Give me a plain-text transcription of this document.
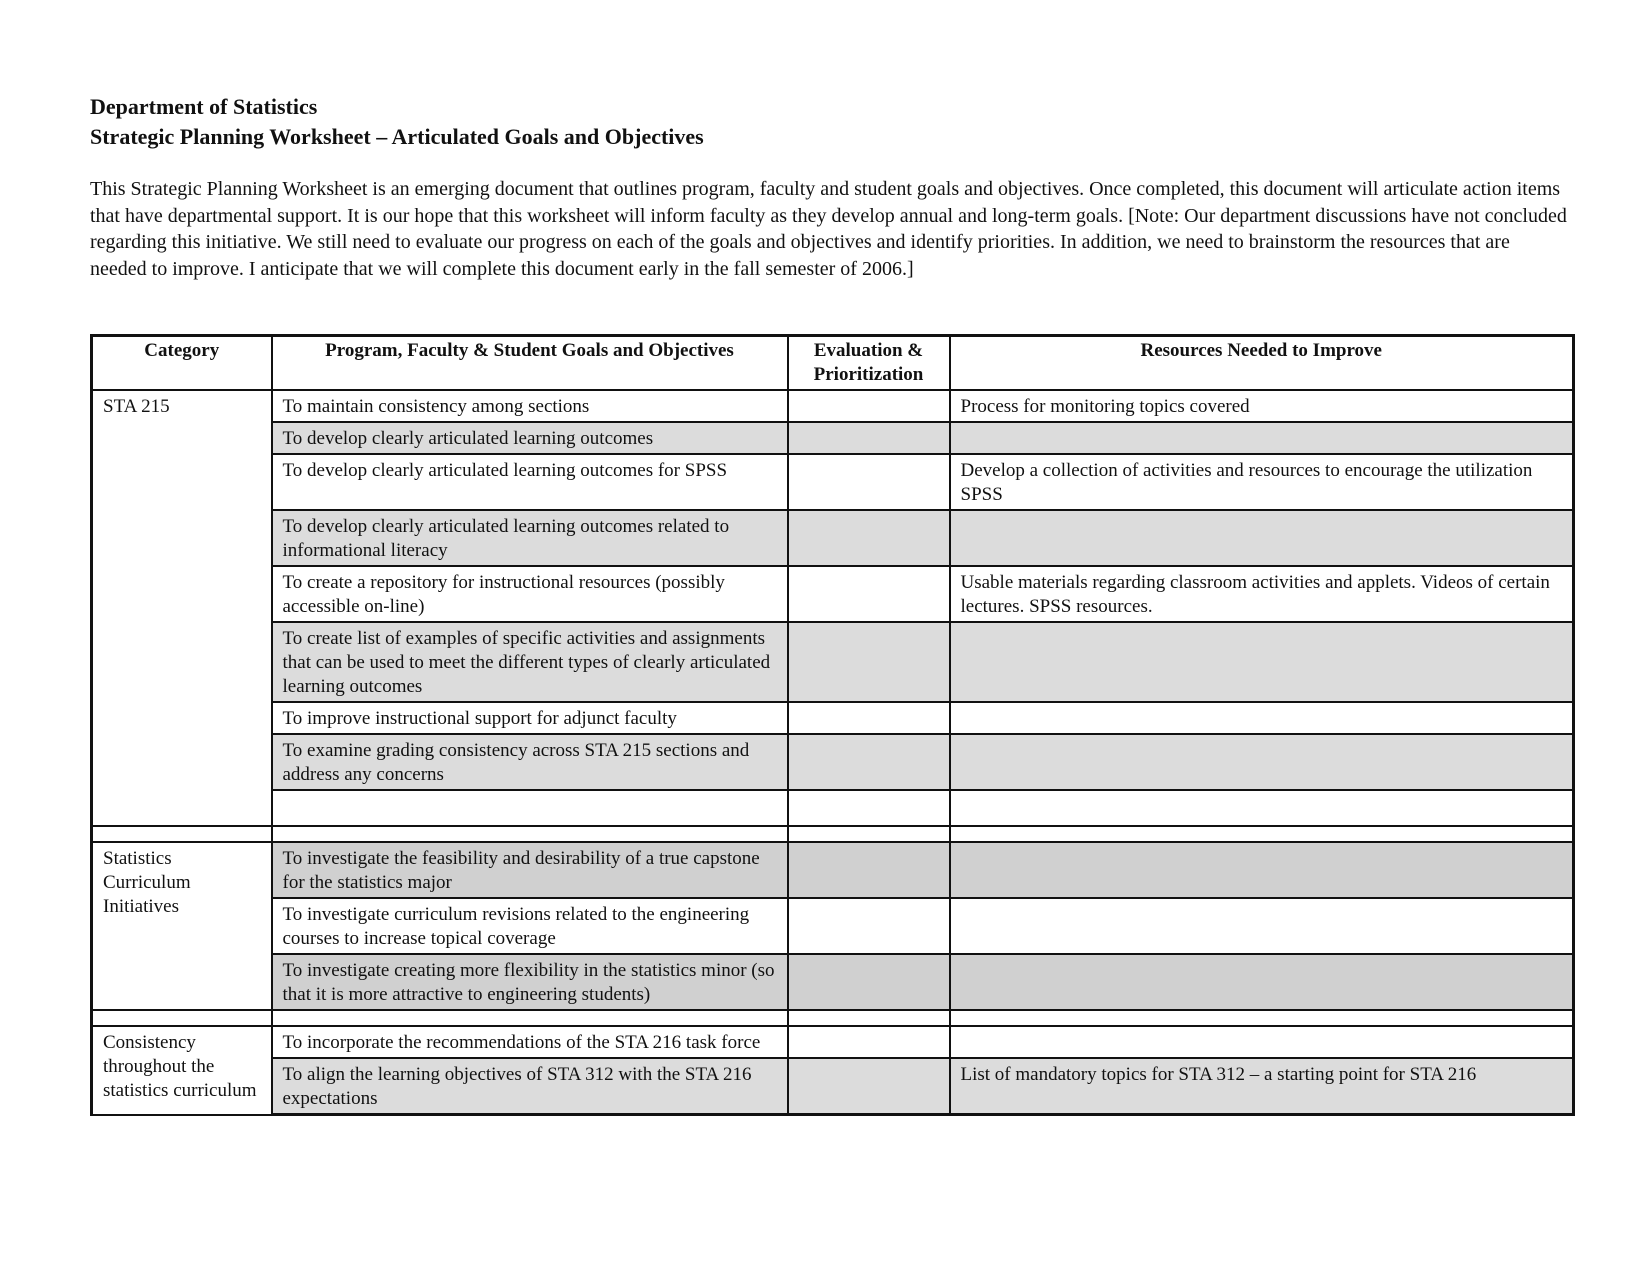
Department of Statistics
Strategic Planning Worksheet – Articulated Goals and Objectives

This Strategic Planning Worksheet is an emerging document that outlines program, faculty and student goals and objectives. Once completed, this document will articulate action items that have departmental support. It is our hope that this worksheet will inform faculty as they develop annual and long-term goals. [Note: Our department discussions have not concluded regarding this initiative. We still need to evaluate our progress on each of the goals and objectives and identify priorities. In addition, we need to brainstorm the resources that are needed to improve. I anticipate that we will complete this document early in the fall semester of 2006.]

Category	Program, Faculty & Student Goals and Objectives	Evaluation & Prioritization	Resources Needed to Improve
STA 215	To maintain consistency among sections		Process for monitoring topics covered
	To develop clearly articulated learning outcomes		
	To develop clearly articulated learning outcomes for SPSS		Develop a collection of activities and resources to encourage the utilization SPSS
	To develop clearly articulated learning outcomes related to informational literacy		
	To create a repository for instructional resources (possibly accessible on-line)		Usable materials regarding classroom activities and applets. Videos of certain lectures. SPSS resources.
	To create list of examples of specific activities and assignments that can be used to meet the different types of clearly articulated learning outcomes		
	To improve instructional support for adjunct faculty		
	To examine grading consistency across STA 215 sections and address any concerns		

Statistics Curriculum Initiatives	To investigate the feasibility and desirability of a true capstone for the statistics major		
	To investigate curriculum revisions related to the engineering courses to increase topical coverage		
	To investigate creating more flexibility in the statistics minor (so that it is more attractive to engineering students)		

Consistency throughout the statistics curriculum	To incorporate the recommendations of the STA 216 task force		
	To align the learning objectives of STA 312 with the STA 216 expectations		List of mandatory topics for STA 312 – a starting point for STA 216
